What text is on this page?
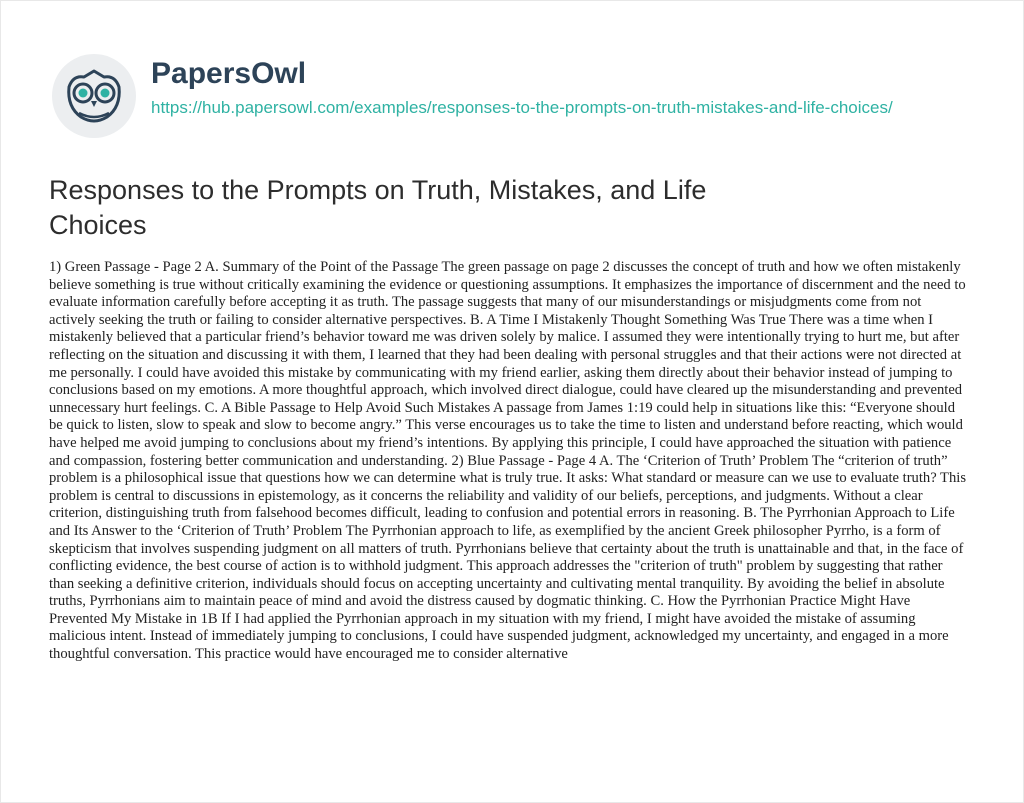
PapersOwl
https://hub.papersowl.com/examples/responses-to-the-prompts-on-truth-mistakes-and-life-choices/
Responses to the Prompts on Truth, Mistakes, and Life Choices

1) Green Passage - Page 2 A. Summary of the Point of the Passage The green passage on page 2 discusses the concept of truth and how we often mistakenly believe something is true without critically examining the evidence or questioning assumptions. It emphasizes the importance of discernment and the need to evaluate information carefully before accepting it as truth. The passage suggests that many of our misunderstandings or misjudgments come from not actively seeking the truth or failing to consider alternative perspectives. B. A Time I Mistakenly Thought Something Was True There was a time when I mistakenly believed that a particular friend’s behavior toward me was driven solely by malice. I assumed they were intentionally trying to hurt me, but after reflecting on the situation and discussing it with them, I learned that they had been dealing with personal struggles and that their actions were not directed at me personally. I could have avoided this mistake by communicating with my friend earlier, asking them directly about their behavior instead of jumping to conclusions based on my emotions. A more thoughtful approach, which involved direct dialogue, could have cleared up the misunderstanding and prevented unnecessary hurt feelings. C. A Bible Passage to Help Avoid Such Mistakes A passage from James 1:19 could help in situations like this: “Everyone should be quick to listen, slow to speak and slow to become angry.” This verse encourages us to take the time to listen and understand before reacting, which would have helped me avoid jumping to conclusions about my friend’s intentions. By applying this principle, I could have approached the situation with patience and compassion, fostering better communication and understanding. 2) Blue Passage - Page 4 A. The ‘Criterion of Truth’ Problem The “criterion of truth” problem is a philosophical issue that questions how we can determine what is truly true. It asks: What standard or measure can we use to evaluate truth? This problem is central to discussions in epistemology, as it concerns the reliability and validity of our beliefs, perceptions, and judgments. Without a clear criterion, distinguishing truth from falsehood becomes difficult, leading to confusion and potential errors in reasoning. B. The Pyrrhonian Approach to Life and Its Answer to the ‘Criterion of Truth’ Problem The Pyrrhonian approach to life, as exemplified by the ancient Greek philosopher Pyrrho, is a form of skepticism that involves suspending judgment on all matters of truth. Pyrrhonians believe that certainty about the truth is unattainable and that, in the face of conflicting evidence, the best course of action is to withhold judgment. This approach addresses the "criterion of truth" problem by suggesting that rather than seeking a definitive criterion, individuals should focus on accepting uncertainty and cultivating mental tranquility. By avoiding the belief in absolute truths, Pyrrhonians aim to maintain peace of mind and avoid the distress caused by dogmatic thinking. C. How the Pyrrhonian Practice Might Have Prevented My Mistake in 1B If I had applied the Pyrrhonian approach in my situation with my friend, I might have avoided the mistake of assuming malicious intent. Instead of immediately jumping to conclusions, I could have suspended judgment, acknowledged my uncertainty, and engaged in a more thoughtful conversation. This practice would have encouraged me to consider alternative
